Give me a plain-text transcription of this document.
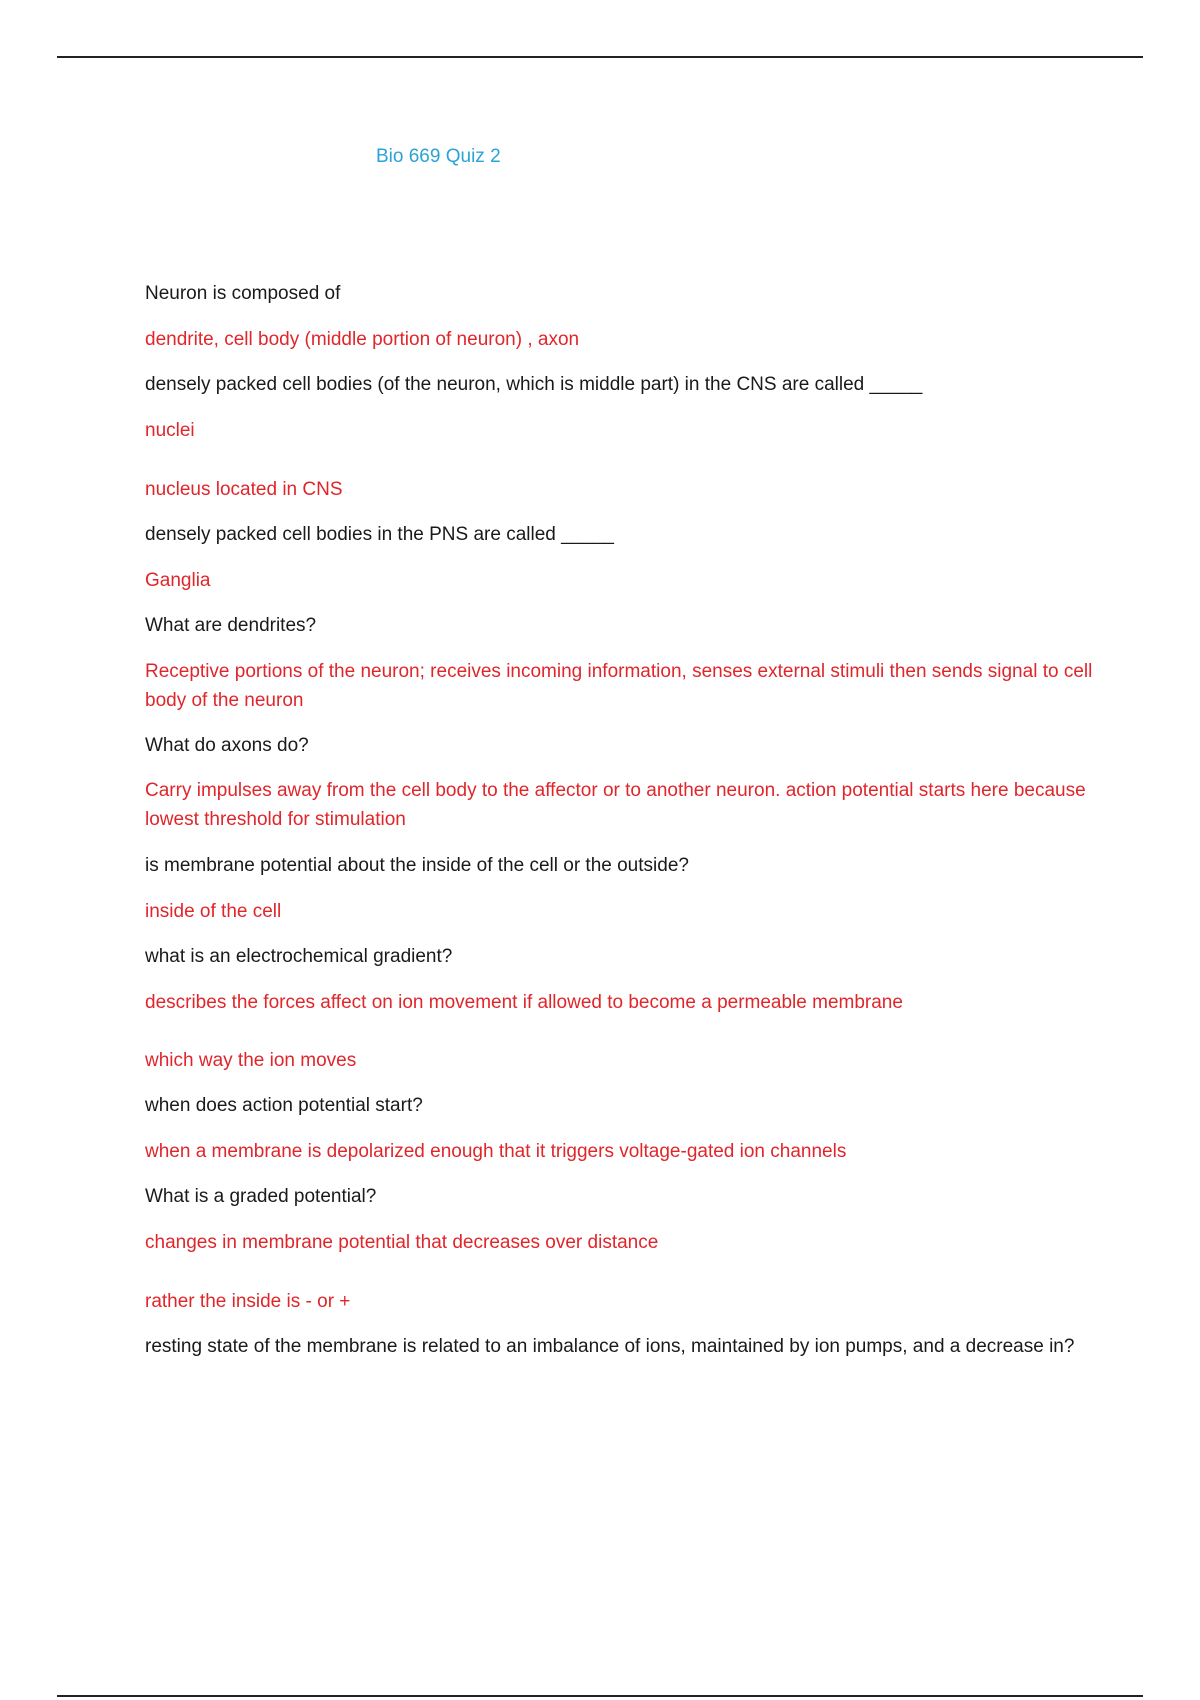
Bio 669 Quiz 2

Neuron is composed of

dendrite, cell body (middle portion of neuron) , axon

densely packed cell bodies (of the neuron, which is middle part) in the CNS are called _____

nuclei

nucleus located in CNS

densely packed cell bodies in the PNS are called _____

Ganglia

What are dendrites?

Receptive portions of the neuron; receives incoming information, senses external stimuli then sends signal to cell body of the neuron

What do axons do?

Carry impulses away from the cell body to the affector or to another neuron. action potential starts here because lowest threshold for stimulation

is membrane potential about the inside of the cell or the outside?

inside of the cell

what is an electrochemical gradient?

describes the forces affect on ion movement if allowed to become a permeable membrane

which way the ion moves

when does action potential start?

when a membrane is depolarized enough that it triggers voltage-gated ion channels

What is a graded potential?

changes in membrane potential that decreases over distance

rather the inside is - or +

resting state of the membrane is related to an imbalance of ions, maintained by ion pumps, and a decrease in?
